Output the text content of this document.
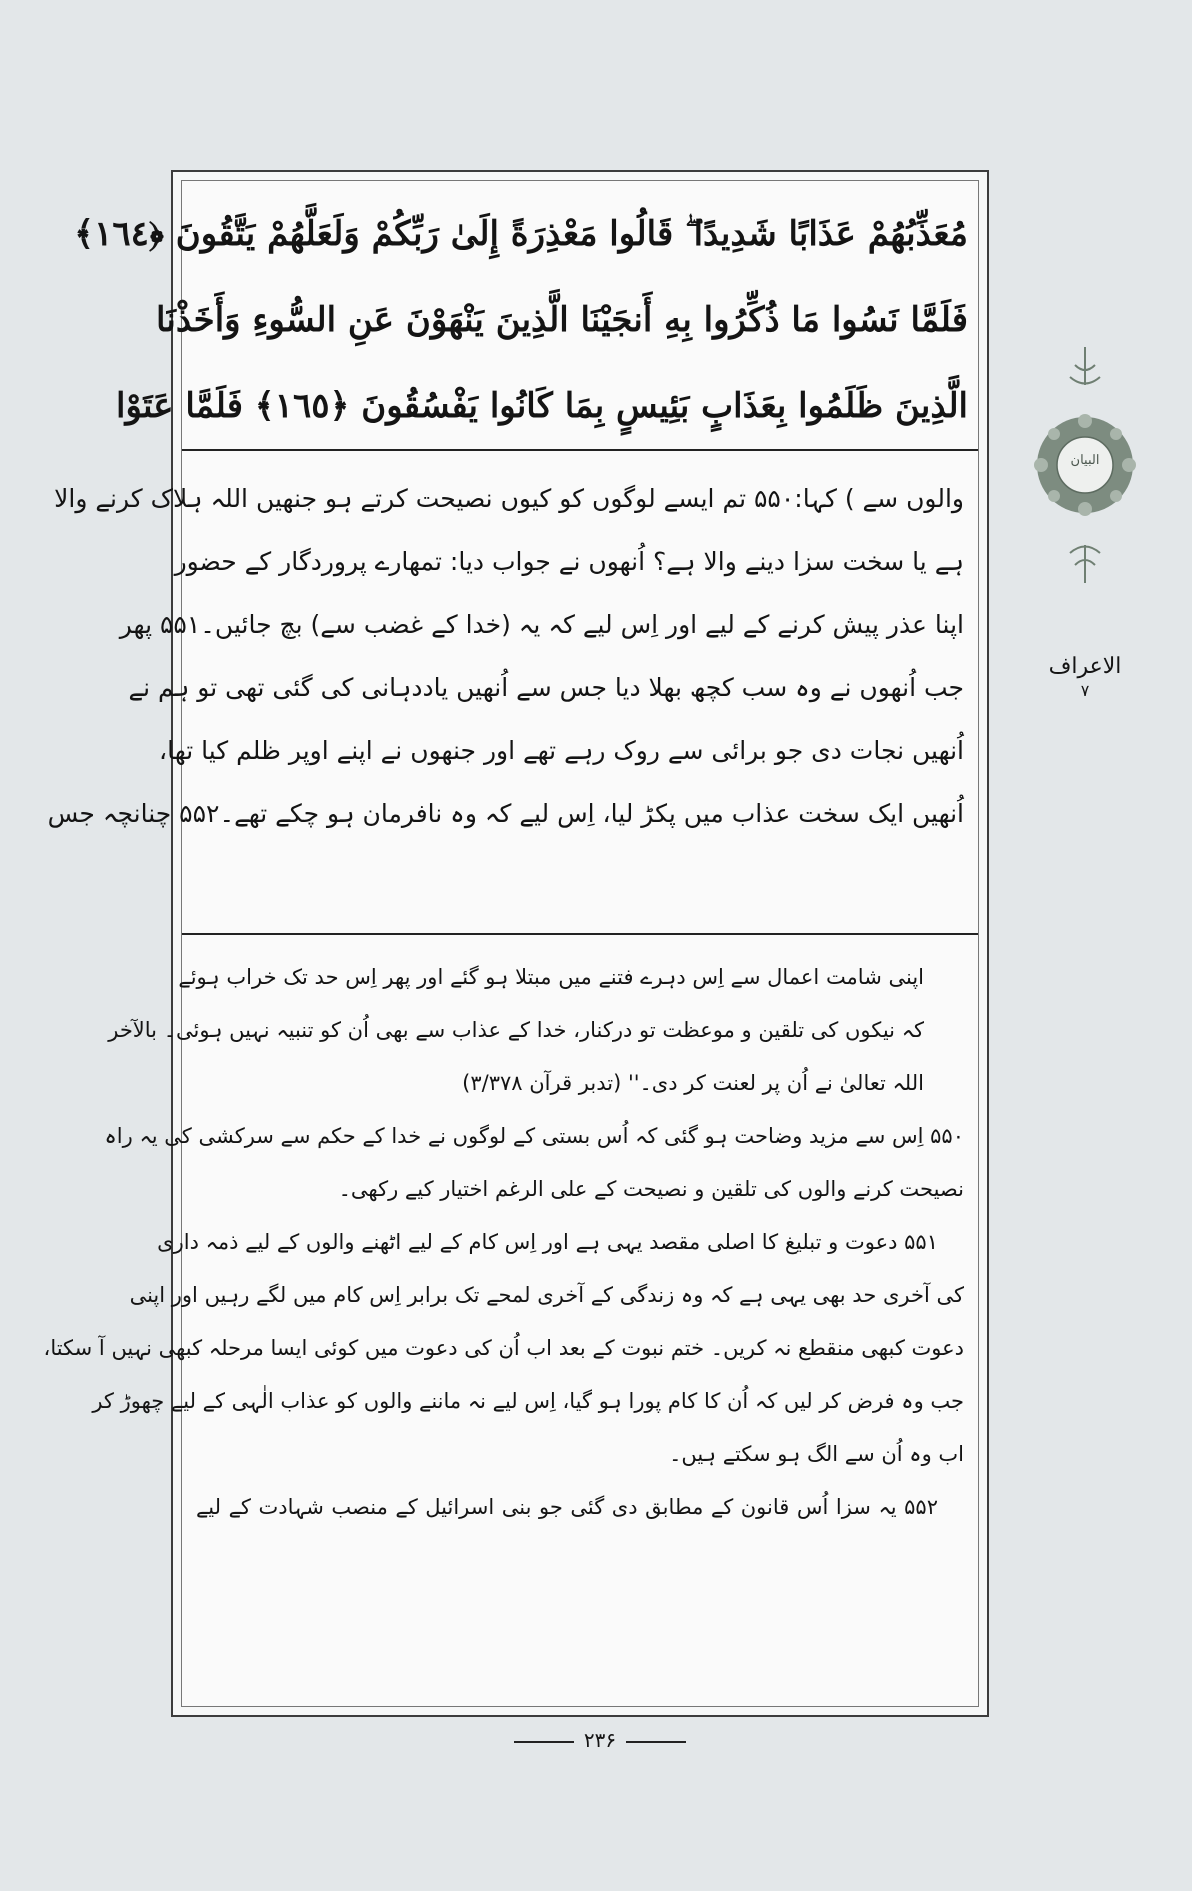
مُعَذِّبُهُمْ عَذَابًا شَدِيدًا ۖ قَالُوا مَعْذِرَةً إِلَىٰ رَبِّكُمْ وَلَعَلَّهُمْ يَتَّقُونَ ﴿١٦٤﴾
فَلَمَّا نَسُوا مَا ذُكِّرُوا بِهِ أَنجَيْنَا الَّذِينَ يَنْهَوْنَ عَنِ السُّوءِ وَأَخَذْنَا
الَّذِينَ ظَلَمُوا بِعَذَابٍ بَئِيسٍ بِمَا كَانُوا يَفْسُقُونَ ﴿١٦٥﴾ فَلَمَّا عَتَوْا
والوں سے ) کہا:۵۵۰ تم ایسے لوگوں کو کیوں نصیحت کرتے ہو جنھیں اللہ ہلاک کرنے والا
ہے یا سخت سزا دینے والا ہے؟ اُنھوں نے جواب دیا: تمھارے پروردگار کے حضور
اپنا عذر پیش کرنے کے لیے اور اِس لیے کہ یہ (خدا کے غضب سے) بچ جائیں۔۵۵۱ پھر
جب اُنھوں نے وہ سب کچھ بھلا دیا جس سے اُنھیں یاددہانی کی گئی تھی تو ہم نے
اُنھیں نجات دی جو برائی سے روک رہے تھے اور جنھوں نے اپنے اوپر ظلم کیا تھا،
اُنھیں ایک سخت عذاب میں پکڑ لیا، اِس لیے کہ وہ نافرمان ہو چکے تھے۔۵۵۲ چنانچہ جس
اپنی شامت اعمال سے اِس دہرے فتنے میں مبتلا ہو گئے اور پھر اِس حد تک خراب ہوئے
کہ نیکوں کی تلقین و موعظت تو درکنار، خدا کے عذاب سے بھی اُن کو تنبیہ نہیں ہوئی۔ بالآخر
اللہ تعالیٰ نے اُن پر لعنت کر دی۔'' (تدبر قرآن ۳/۳۷۸)
۵۵۰ اِس سے مزید وضاحت ہو گئی کہ اُس بستی کے لوگوں نے خدا کے حکم سے سرکشی کی یہ راہ
نصیحت کرنے والوں کی تلقین و نصیحت کے علی الرغم اختیار کیے رکھی۔
۵۵۱ دعوت و تبلیغ کا اصلی مقصد یہی ہے اور اِس کام کے لیے اٹھنے والوں کے لیے ذمہ داری
کی آخری حد بھی یہی ہے کہ وہ زندگی کے آخری لمحے تک برابر اِس کام میں لگے رہیں اور اپنی
دعوت کبھی منقطع نہ کریں۔ ختم نبوت کے بعد اب اُن کی دعوت میں کوئی ایسا مرحلہ کبھی نہیں آ سکتا،
جب وہ فرض کر لیں کہ اُن کا کام پورا ہو گیا، اِس لیے نہ ماننے والوں کو عذاب الٰہی کے لیے چھوڑ کر
اب وہ اُن سے الگ ہو سکتے ہیں۔
۵۵۲ یہ سزا اُس قانون کے مطابق دی گئی جو بنی اسرائیل کے منصب شہادت کے لیے
البیان
الاعراف
۷
۲۳۶
